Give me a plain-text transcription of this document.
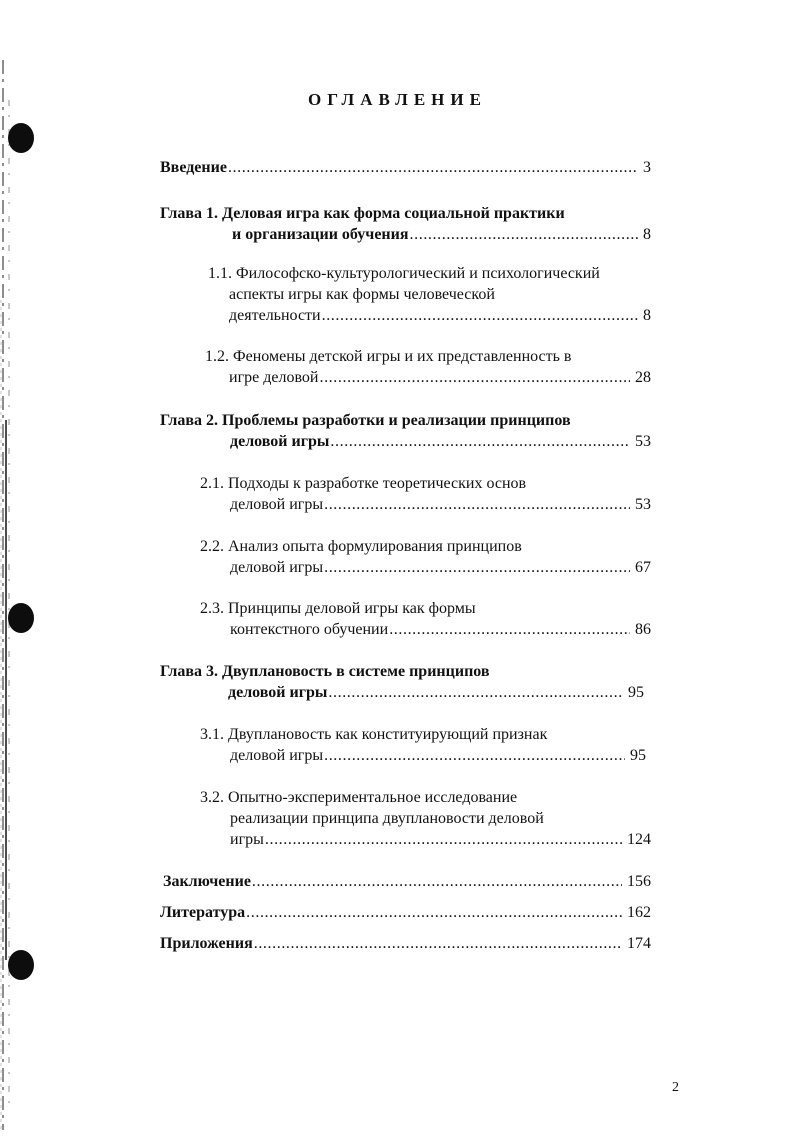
ОГЛАВЛЕНИЕ
Введение .....	3
Глава 1. Деловая игра как форма социальной практики
и организации обучения .....	8
1.1. Философско-культурологический и психологический
аспекты игры как формы человеческой
деятельности .....	8
1.2. Феномены детской игры и их представленность в
игре деловой .....	28
Глава 2. Проблемы разработки и реализации принципов
деловой игры .....	53
2.1. Подходы к разработке теоретических основ
деловой игры .....	53
2.2. Анализ опыта формулирования принципов
деловой игры .....	67
2.3. Принципы деловой игры как формы
контекстного обучении .....	86
Глава 3. Двуплановость в системе принципов
деловой игры .....	95
3.1. Двуплановость как конституирующий признак
деловой игры .....	95
3.2. Опытно-экспериментальное исследование
реализации принципа двуплановости деловой
игры .....	124
Заключение .....	156
Литература .....	162
Приложения .....	174
2
